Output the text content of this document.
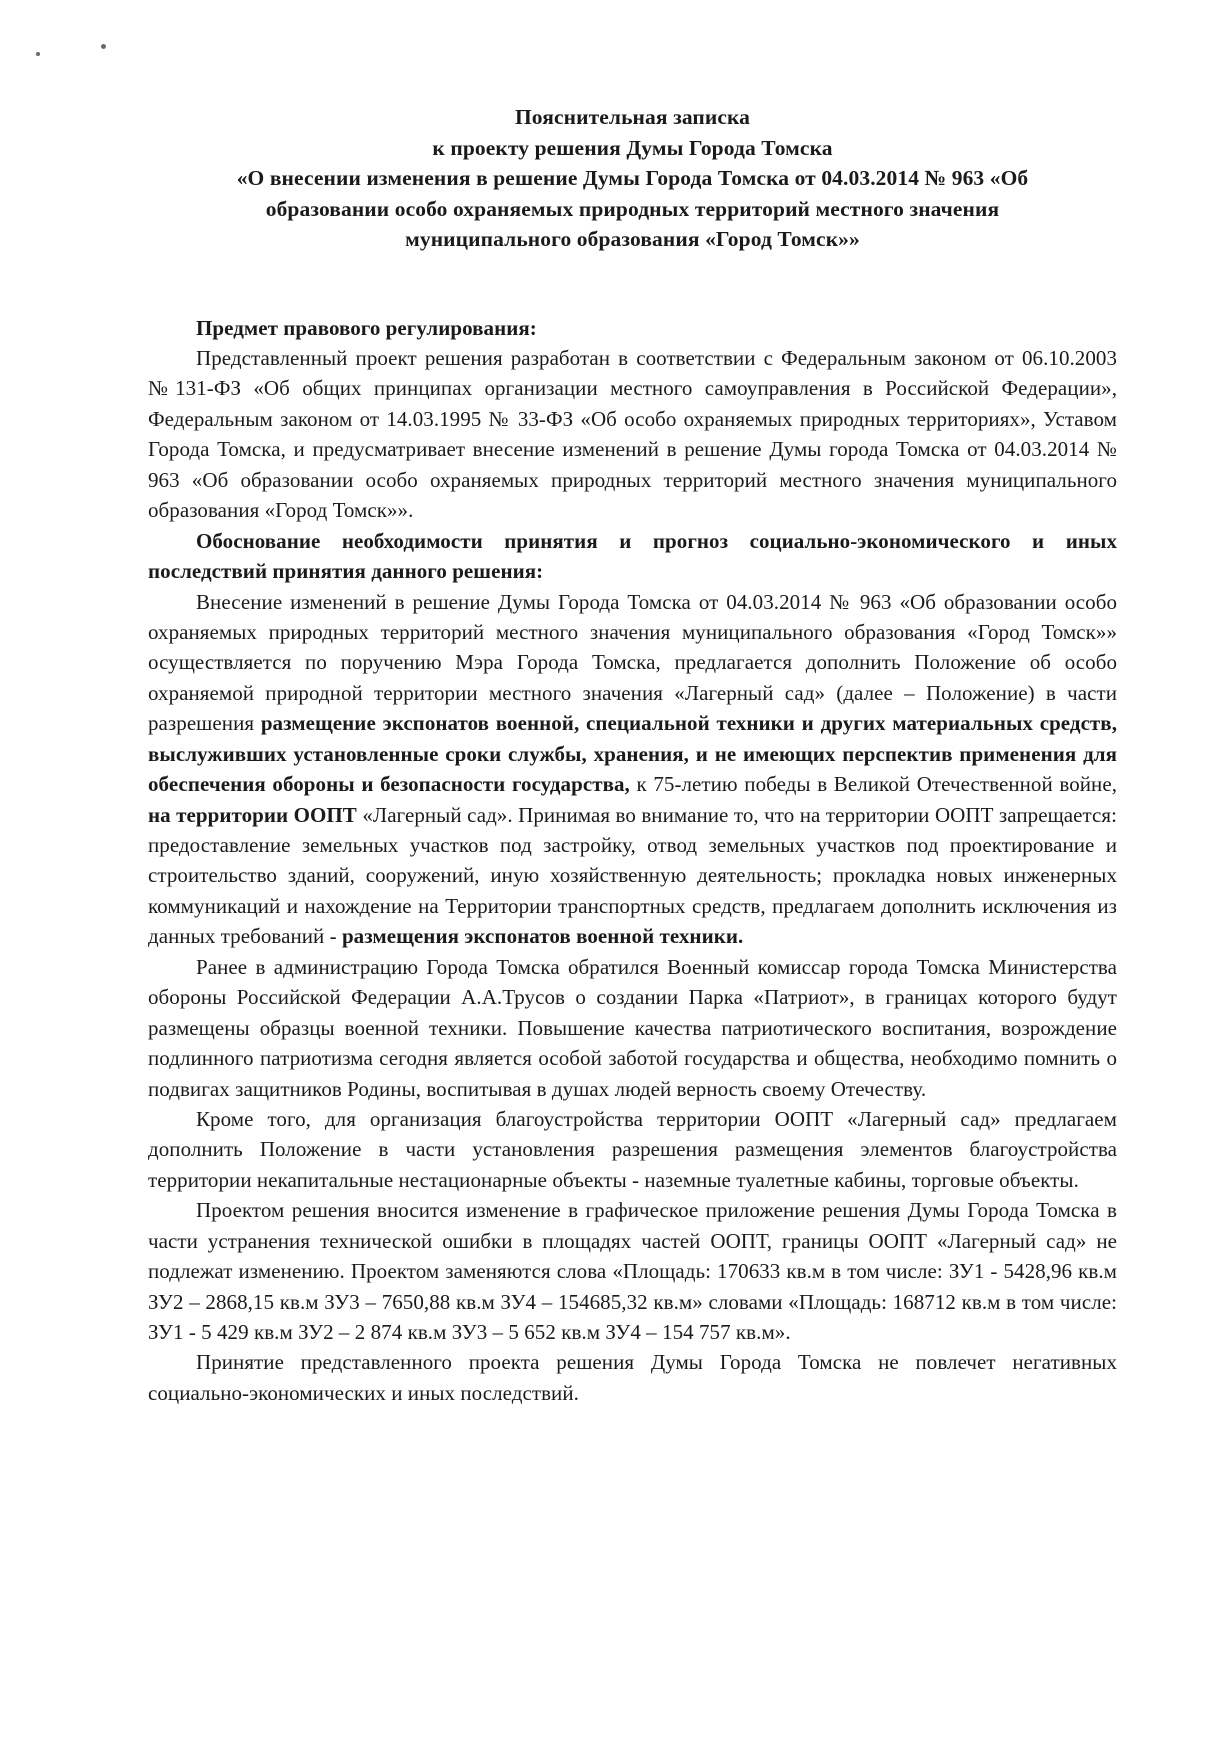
Пояснительная записка
к проекту решения Думы Города Томска
«О внесении изменения в решение Думы Города Томска от 04.03.2014 № 963 «Об
образовании особо охраняемых природных территорий местного значения
муниципального образования «Город Томск»»

Предмет правового регулирования:

Представленный проект решения разработан в соответствии с Федеральным законом от 06.10.2003 №131-ФЗ «Об общих принципах организации местного самоуправления в Российской Федерации», Федеральным законом от 14.03.1995 № 33-ФЗ «Об особо охраняемых природных территориях», Уставом Города Томска, и предусматривает внесение изменений в решение Думы города Томска от 04.03.2014 № 963 «Об образовании особо охраняемых природных территорий местного значения муниципального образования «Город Томск»».

Обоснование необходимости принятия и прогноз социально-экономического и иных последствий принятия данного решения:

Внесение изменений в решение Думы Города Томска от 04.03.2014 № 963 «Об образовании особо охраняемых природных территорий местного значения муниципального образования «Город Томск»» осуществляется по поручению Мэра Города Томска, предлагается дополнить Положение об особо охраняемой природной территории местного значения «Лагерный сад» (далее – Положение) в части разрешения размещение экспонатов военной, специальной техники и других материальных средств, выслуживших установленные сроки службы, хранения, и не имеющих перспектив применения для обеспечения обороны и безопасности государства, к 75-летию победы в Великой Отечественной войне, на территории ООПТ «Лагерный сад». Принимая во внимание то, что на территории ООПТ запрещается: предоставление земельных участков под застройку, отвод земельных участков под проектирование и строительство зданий, сооружений, иную хозяйственную деятельность; прокладка новых инженерных коммуникаций и нахождение на Территории транспортных средств, предлагаем дополнить исключения из данных требований - размещения экспонатов военной техники.

Ранее в администрацию Города Томска обратился Военный комиссар города Томска Министерства обороны Российской Федерации А.А.Трусов о создании Парка «Патриот», в границах которого будут размещены образцы военной техники. Повышение качества патриотического воспитания, возрождение подлинного патриотизма сегодня является особой заботой государства и общества, необходимо помнить о подвигах защитников Родины, воспитывая в душах людей верность своему Отечеству.

Кроме того, для организация благоустройства территории ООПТ «Лагерный сад» предлагаем дополнить Положение в части установления разрешения размещения элементов благоустройства территории некапитальные нестационарные объекты - наземные туалетные кабины, торговые объекты.

Проектом решения вносится изменение в графическое приложение решения Думы Города Томска в части устранения технической ошибки в площадях частей ООПТ, границы ООПТ «Лагерный сад» не подлежат изменению. Проектом заменяются слова «Площадь: 170633 кв.м в том числе: ЗУ1 - 5428,96 кв.м ЗУ2 – 2868,15 кв.м ЗУ3 – 7650,88 кв.м ЗУ4 – 154685,32 кв.м» словами «Площадь: 168712 кв.м в том числе: ЗУ1 - 5 429 кв.м ЗУ2 – 2 874 кв.м ЗУ3 – 5 652 кв.м ЗУ4 – 154 757 кв.м».

Принятие представленного проекта решения Думы Города Томска не повлечет негативных социально-экономических и иных последствий.
